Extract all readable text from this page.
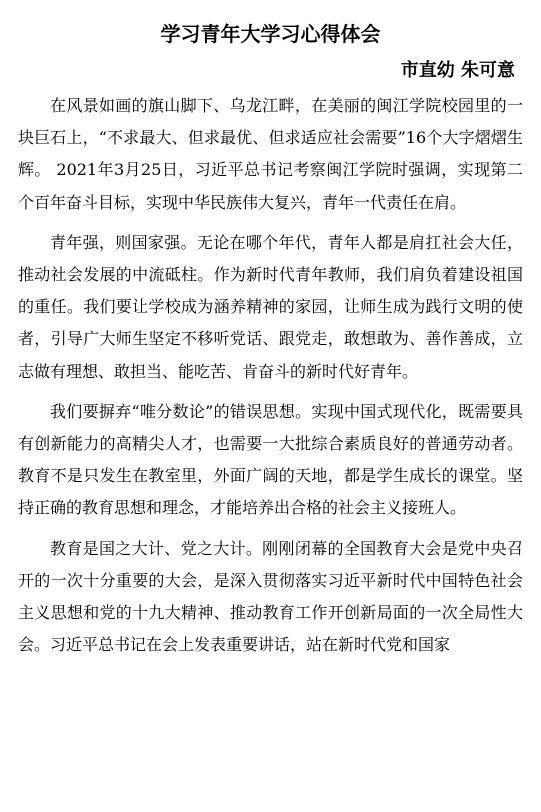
学习青年大学习心得体会
市直幼 朱可意

在风景如画的旗山脚下、乌龙江畔，在美丽的闽江学院校园里的一块巨石上，“不求最大、但求最优、但求适应社会需要”16个大字熠熠生辉。 2021年3月25日，习近平总书记考察闽江学院时强调，实现第二个百年奋斗目标，实现中华民族伟大复兴，青年一代责任在肩。

青年强，则国家强。无论在哪个年代，青年人都是肩扛社会大任，推动社会发展的中流砥柱。作为新时代青年教师，我们肩负着建设祖国的重任。我们要让学校成为涵养精神的家园，让师生成为践行文明的使者，引导广大师生坚定不移听党话、跟党走，敢想敢为、善作善成，立志做有理想、敢担当、能吃苦、肯奋斗的新时代好青年。

我们要摒弃“唯分数论”的错误思想。实现中国式现代化，既需要具有创新能力的高精尖人才，也需要一大批综合素质良好的普通劳动者。教育不是只发生在教室里，外面广阔的天地，都是学生成长的课堂。坚持正确的教育思想和理念，才能培养出合格的社会主义接班人。

教育是国之大计、党之大计。刚刚闭幕的全国教育大会是党中央召开的一次十分重要的大会，是深入贯彻落实习近平新时代中国特色社会主义思想和党的十九大精神、推动教育工作开创新局面的一次全局性大会。习近平总书记在会上发表重要讲话，站在新时代党和国家
